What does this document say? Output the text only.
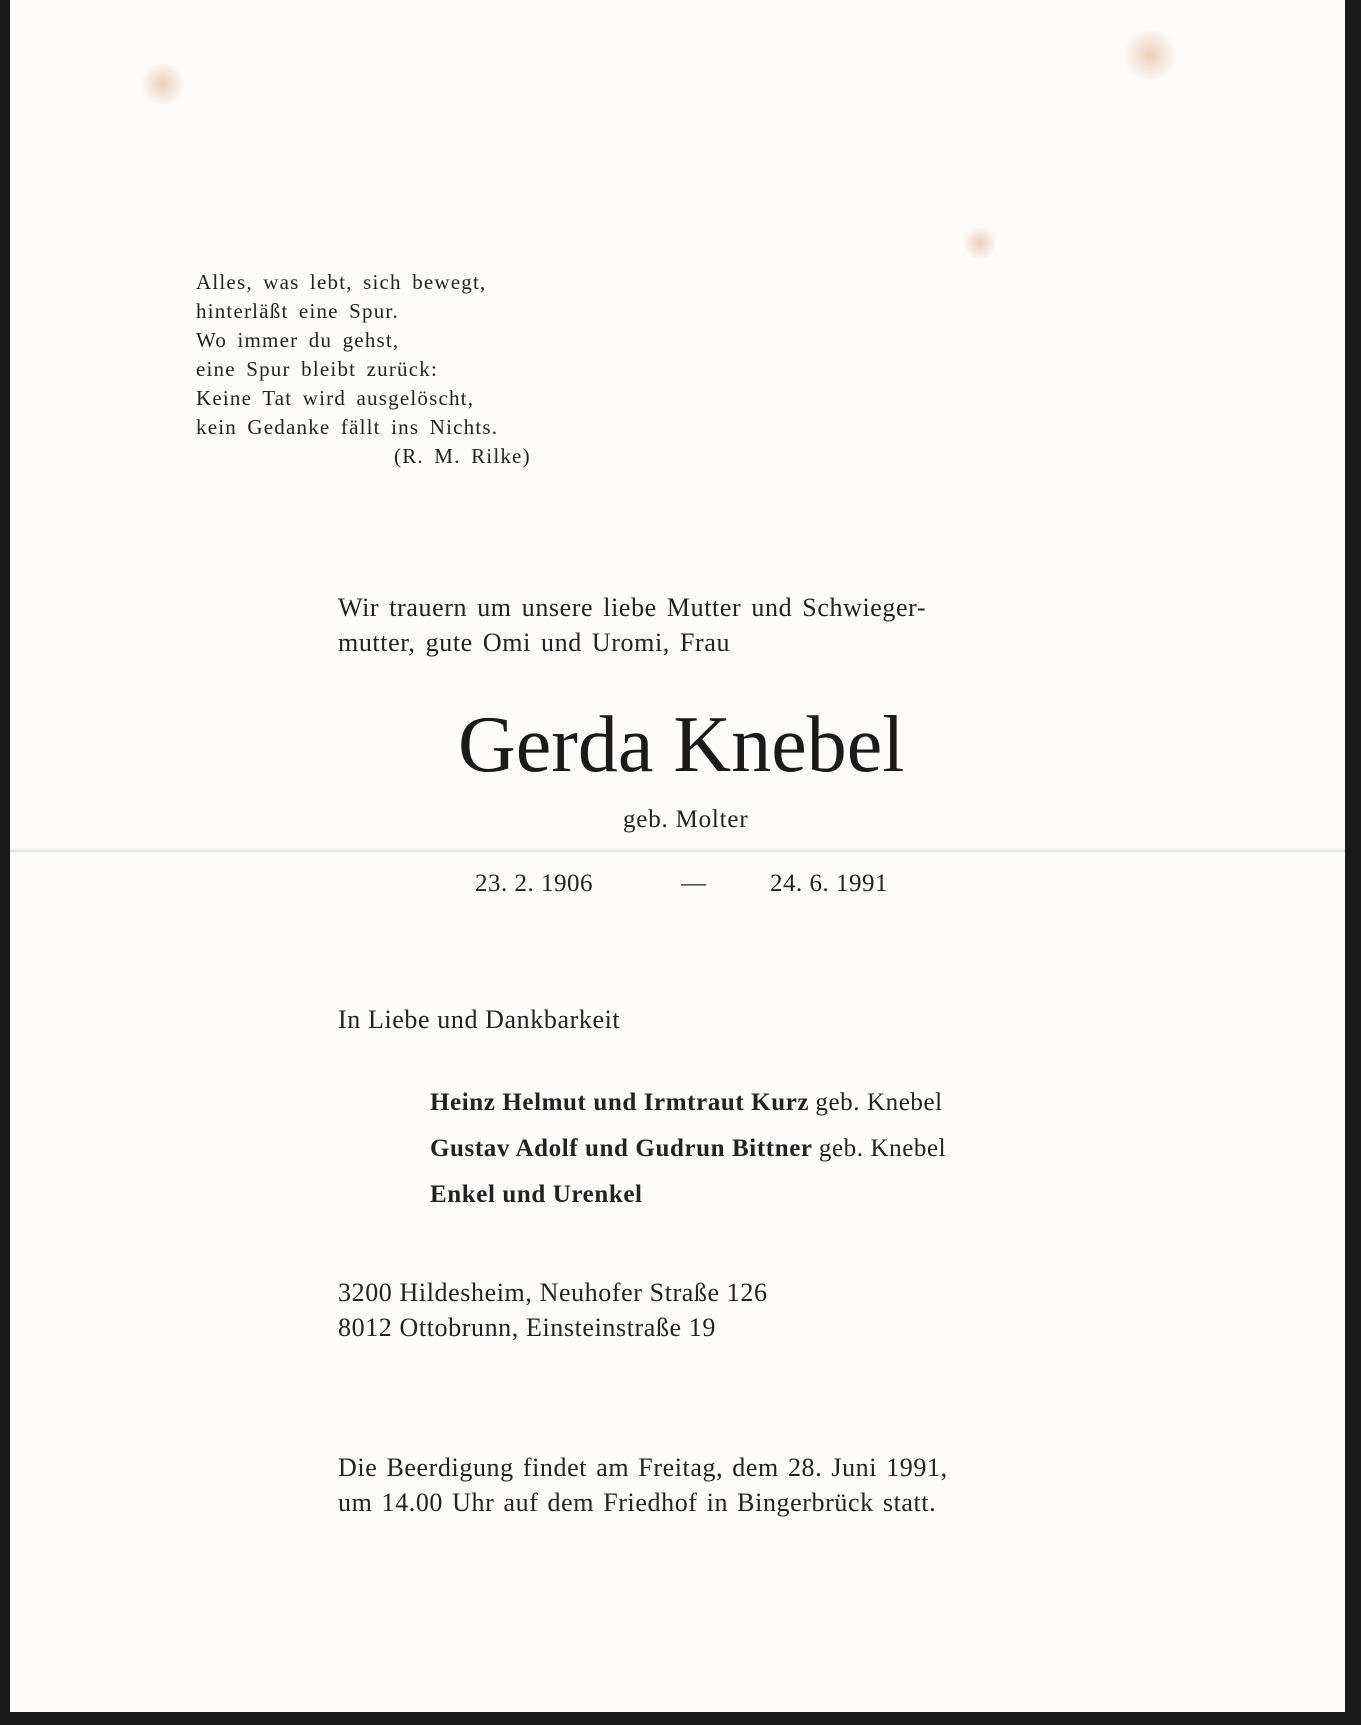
Alles, was lebt, sich bewegt,
hinterläßt eine Spur.
Wo immer du gehst,
eine Spur bleibt zurück:
Keine Tat wird ausgelöscht,
kein Gedanke fällt ins Nichts.
(R. M. Rilke)
Wir trauern um unsere liebe Mutter und Schwieger-
mutter, gute Omi und Uromi, Frau
Gerda Knebel
geb. Molter
23. 2. 1906	—	24. 6. 1991
In Liebe und Dankbarkeit
Heinz Helmut und Irmtraut Kurz geb. Knebel
Gustav Adolf und Gudrun Bittner geb. Knebel
Enkel und Urenkel
3200 Hildesheim, Neuhofer Straße 126
8012 Ottobrunn, Einsteinstraße 19
Die Beerdigung findet am Freitag, dem 28. Juni 1991,
um 14.00 Uhr auf dem Friedhof in Bingerbrück statt.
